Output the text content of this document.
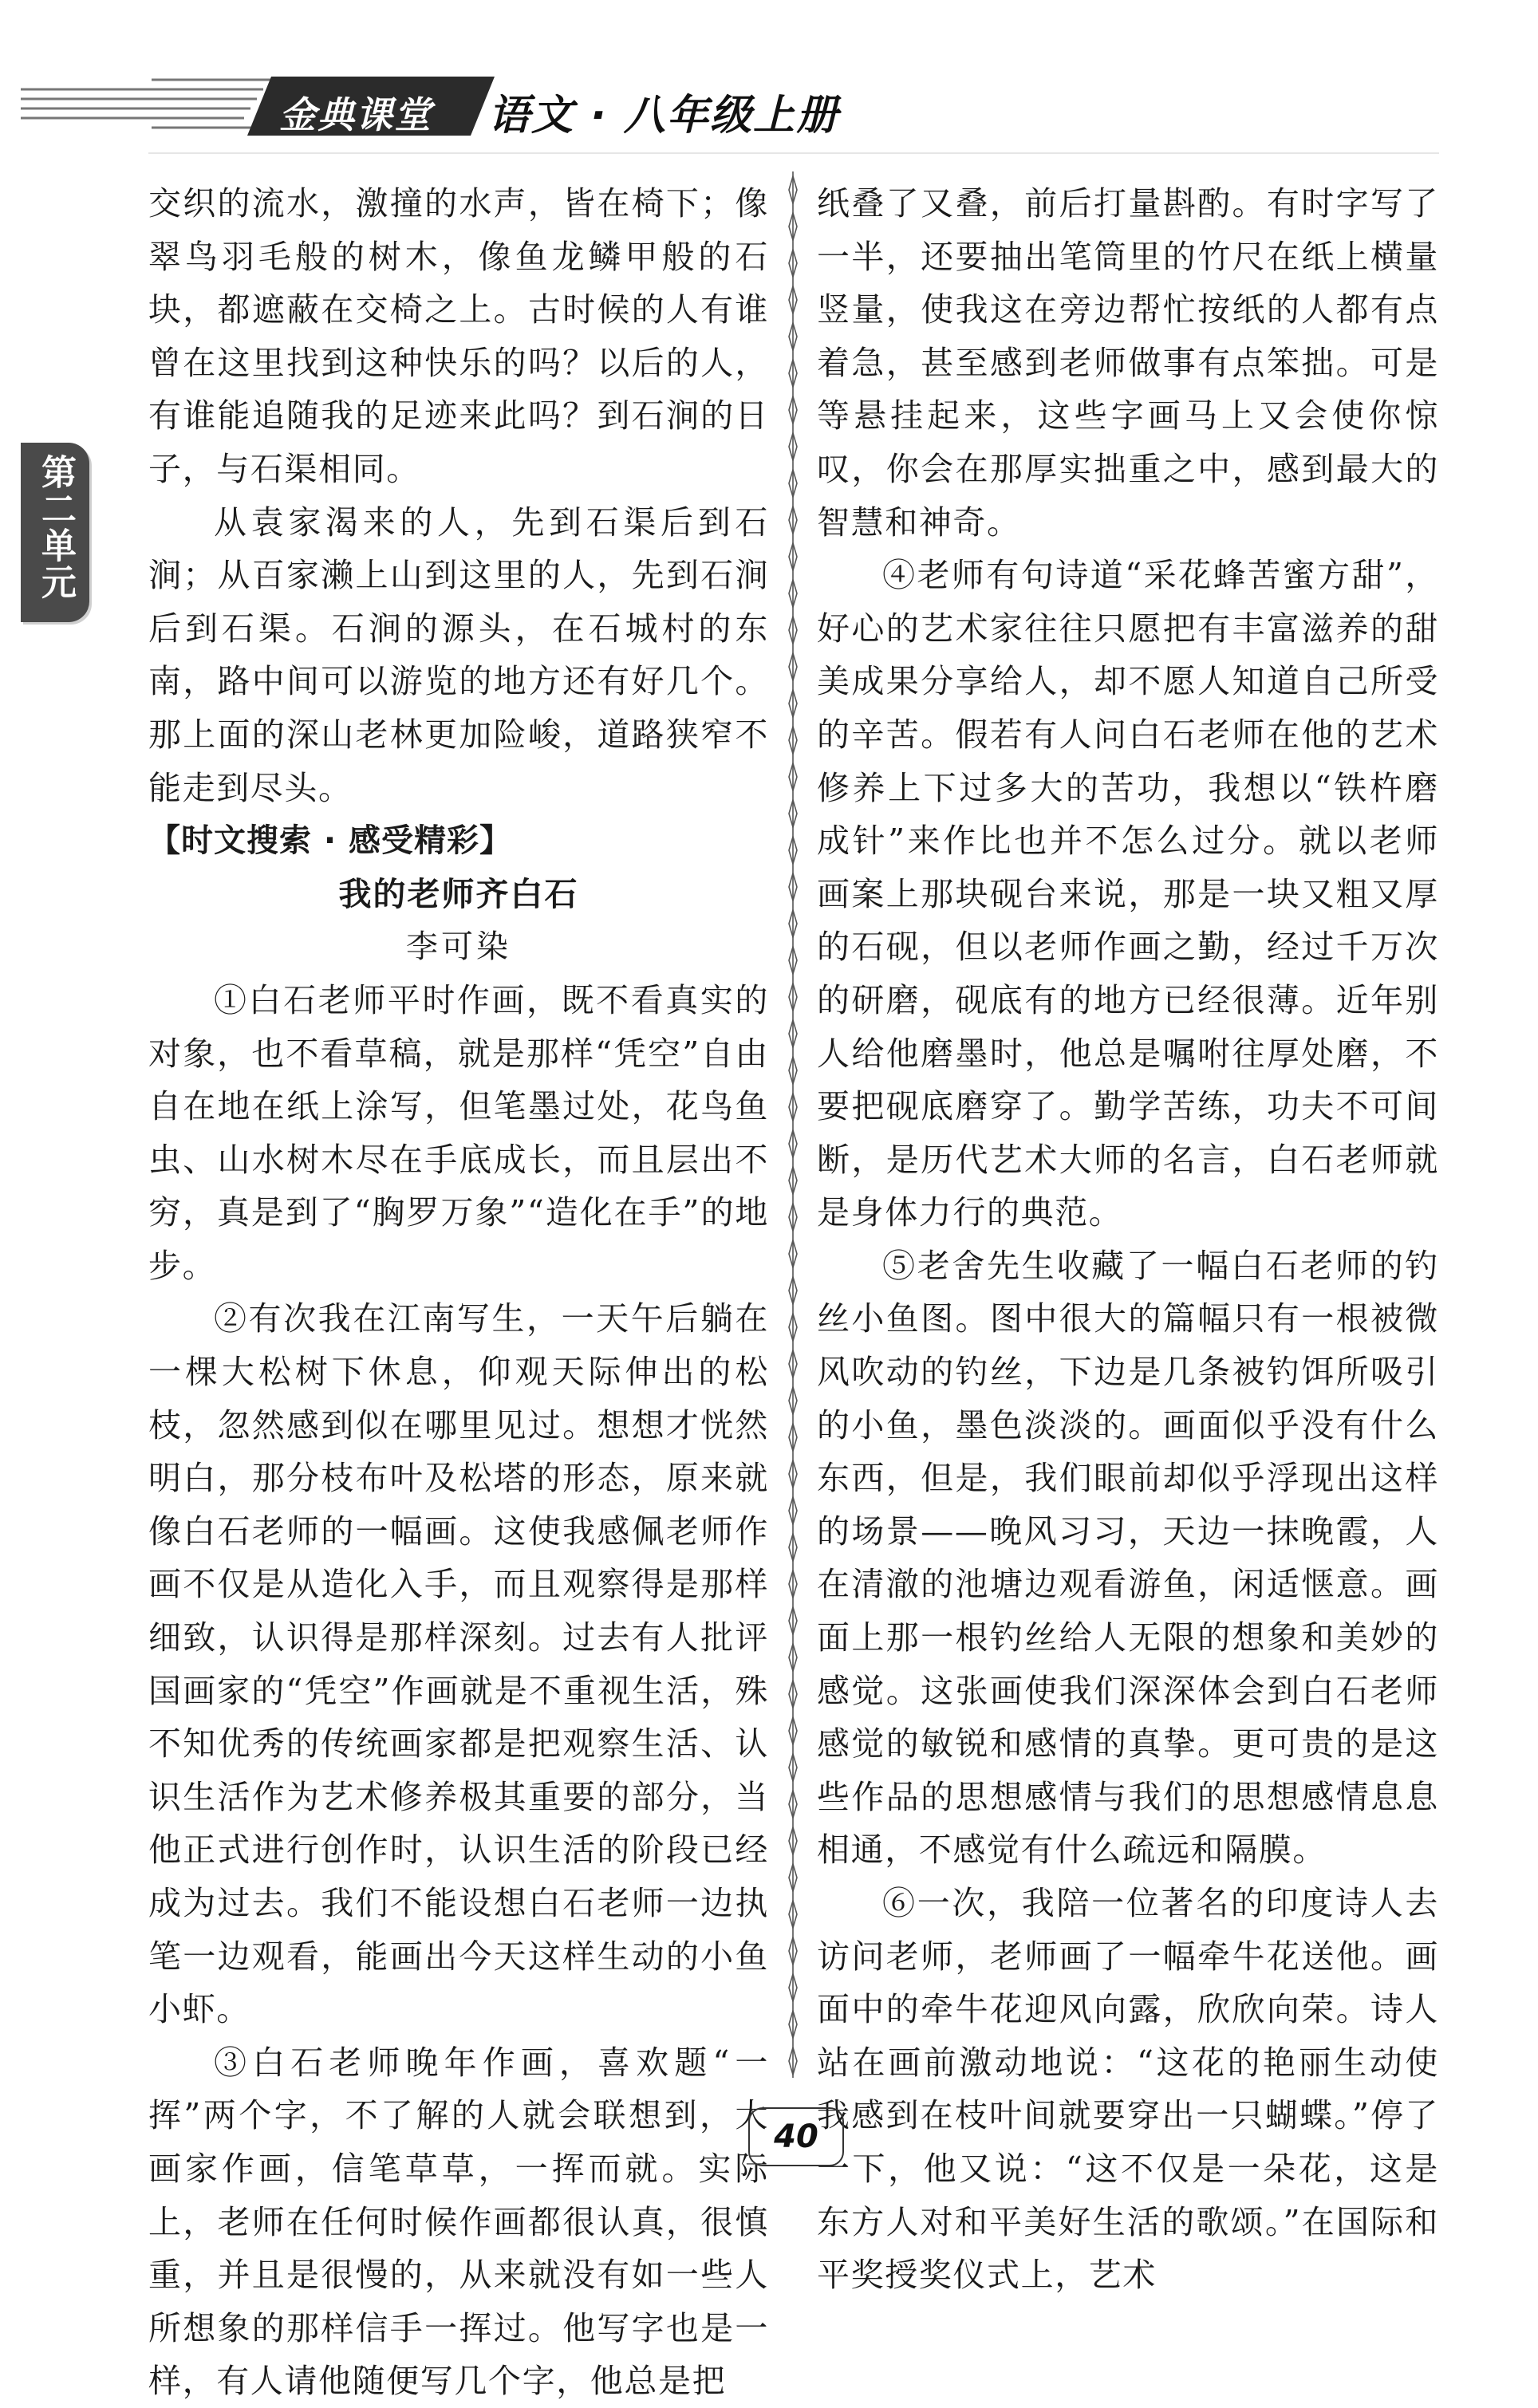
金典课堂 语文 · 八年级上册
第二单元

交织的流水，激撞的水声，皆在椅下；像翠鸟羽毛般的树木，像鱼龙鳞甲般的石块，都遮蔽在交椅之上。古时候的人有谁曾在这里找到这种快乐的吗？以后的人，有谁能追随我的足迹来此吗？到石涧的日子，与石渠相同。

从袁家渴来的人，先到石渠后到石涧；从百家濑上山到这里的人，先到石涧后到石渠。石涧的源头，在石城村的东南，路中间可以游览的地方还有好几个。那上面的深山老林更加险峻，道路狭窄不能走到尽头。

【时文搜索 · 感受精彩】
我的老师齐白石
李可染

①白石老师平时作画，既不看真实的对象，也不看草稿，就是那样“凭空”自由自在地在纸上涂写，但笔墨过处，花鸟鱼虫、山水树木尽在手底成长，而且层出不穷，真是到了“胸罗万象”“造化在手”的地步。

②有次我在江南写生，一天午后躺在一棵大松树下休息，仰观天际伸出的松枝，忽然感到似在哪里见过。想想才恍然明白，那分枝布叶及松塔的形态，原来就像白石老师的一幅画。这使我感佩老师作画不仅是从造化入手，而且观察得是那样细致，认识得是那样深刻。过去有人批评国画家的“凭空”作画就是不重视生活，殊不知优秀的传统画家都是把观察生活、认识生活作为艺术修养极其重要的部分，当他正式进行创作时，认识生活的阶段已经成为过去。我们不能设想白石老师一边执笔一边观看，能画出今天这样生动的小鱼小虾。

③白石老师晚年作画，喜欢题“一挥”两个字，不了解的人就会联想到，大画家作画，信笔草草，一挥而就。实际上，老师在任何时候作画都很认真，很慎重，并且是很慢的，从来就没有如一些人所想象的那样信手一挥过。他写字也是一样，有人请他随便写几个字，他总是把

纸叠了又叠，前后打量斟酌。有时字写了一半，还要抽出笔筒里的竹尺在纸上横量竖量，使我这在旁边帮忙按纸的人都有点着急，甚至感到老师做事有点笨拙。可是等悬挂起来，这些字画马上又会使你惊叹，你会在那厚实拙重之中，感到最大的智慧和神奇。

④老师有句诗道“采花蜂苦蜜方甜”，好心的艺术家往往只愿把有丰富滋养的甜美成果分享给人，却不愿人知道自己所受的辛苦。假若有人问白石老师在他的艺术修养上下过多大的苦功，我想以“铁杵磨成针”来作比也并不怎么过分。就以老师画案上那块砚台来说，那是一块又粗又厚的石砚，但以老师作画之勤，经过千万次的研磨，砚底有的地方已经很薄。近年别人给他磨墨时，他总是嘱咐往厚处磨，不要把砚底磨穿了。勤学苦练，功夫不可间断，是历代艺术大师的名言，白石老师就是身体力行的典范。

⑤老舍先生收藏了一幅白石老师的钓丝小鱼图。图中很大的篇幅只有一根被微风吹动的钓丝，下边是几条被钓饵所吸引的小鱼，墨色淡淡的。画面似乎没有什么东西，但是，我们眼前却似乎浮现出这样的场景——晚风习习，天边一抹晚霞，人在清澈的池塘边观看游鱼，闲适惬意。画面上那一根钓丝给人无限的想象和美妙的感觉。这张画使我们深深体会到白石老师感觉的敏锐和感情的真挚。更可贵的是这些作品的思想感情与我们的思想感情息息相通，不感觉有什么疏远和隔膜。

⑥一次，我陪一位著名的印度诗人去访问老师，老师画了一幅牵牛花送他。画面中的牵牛花迎风向露，欣欣向荣。诗人站在画前激动地说：“这花的艳丽生动使我感到在枝叶间就要穿出一只蝴蝶。”停了一下，他又说：“这不仅是一朵花，这是东方人对和平美好生活的歌颂。”在国际和平奖授奖仪式上，艺术

40
